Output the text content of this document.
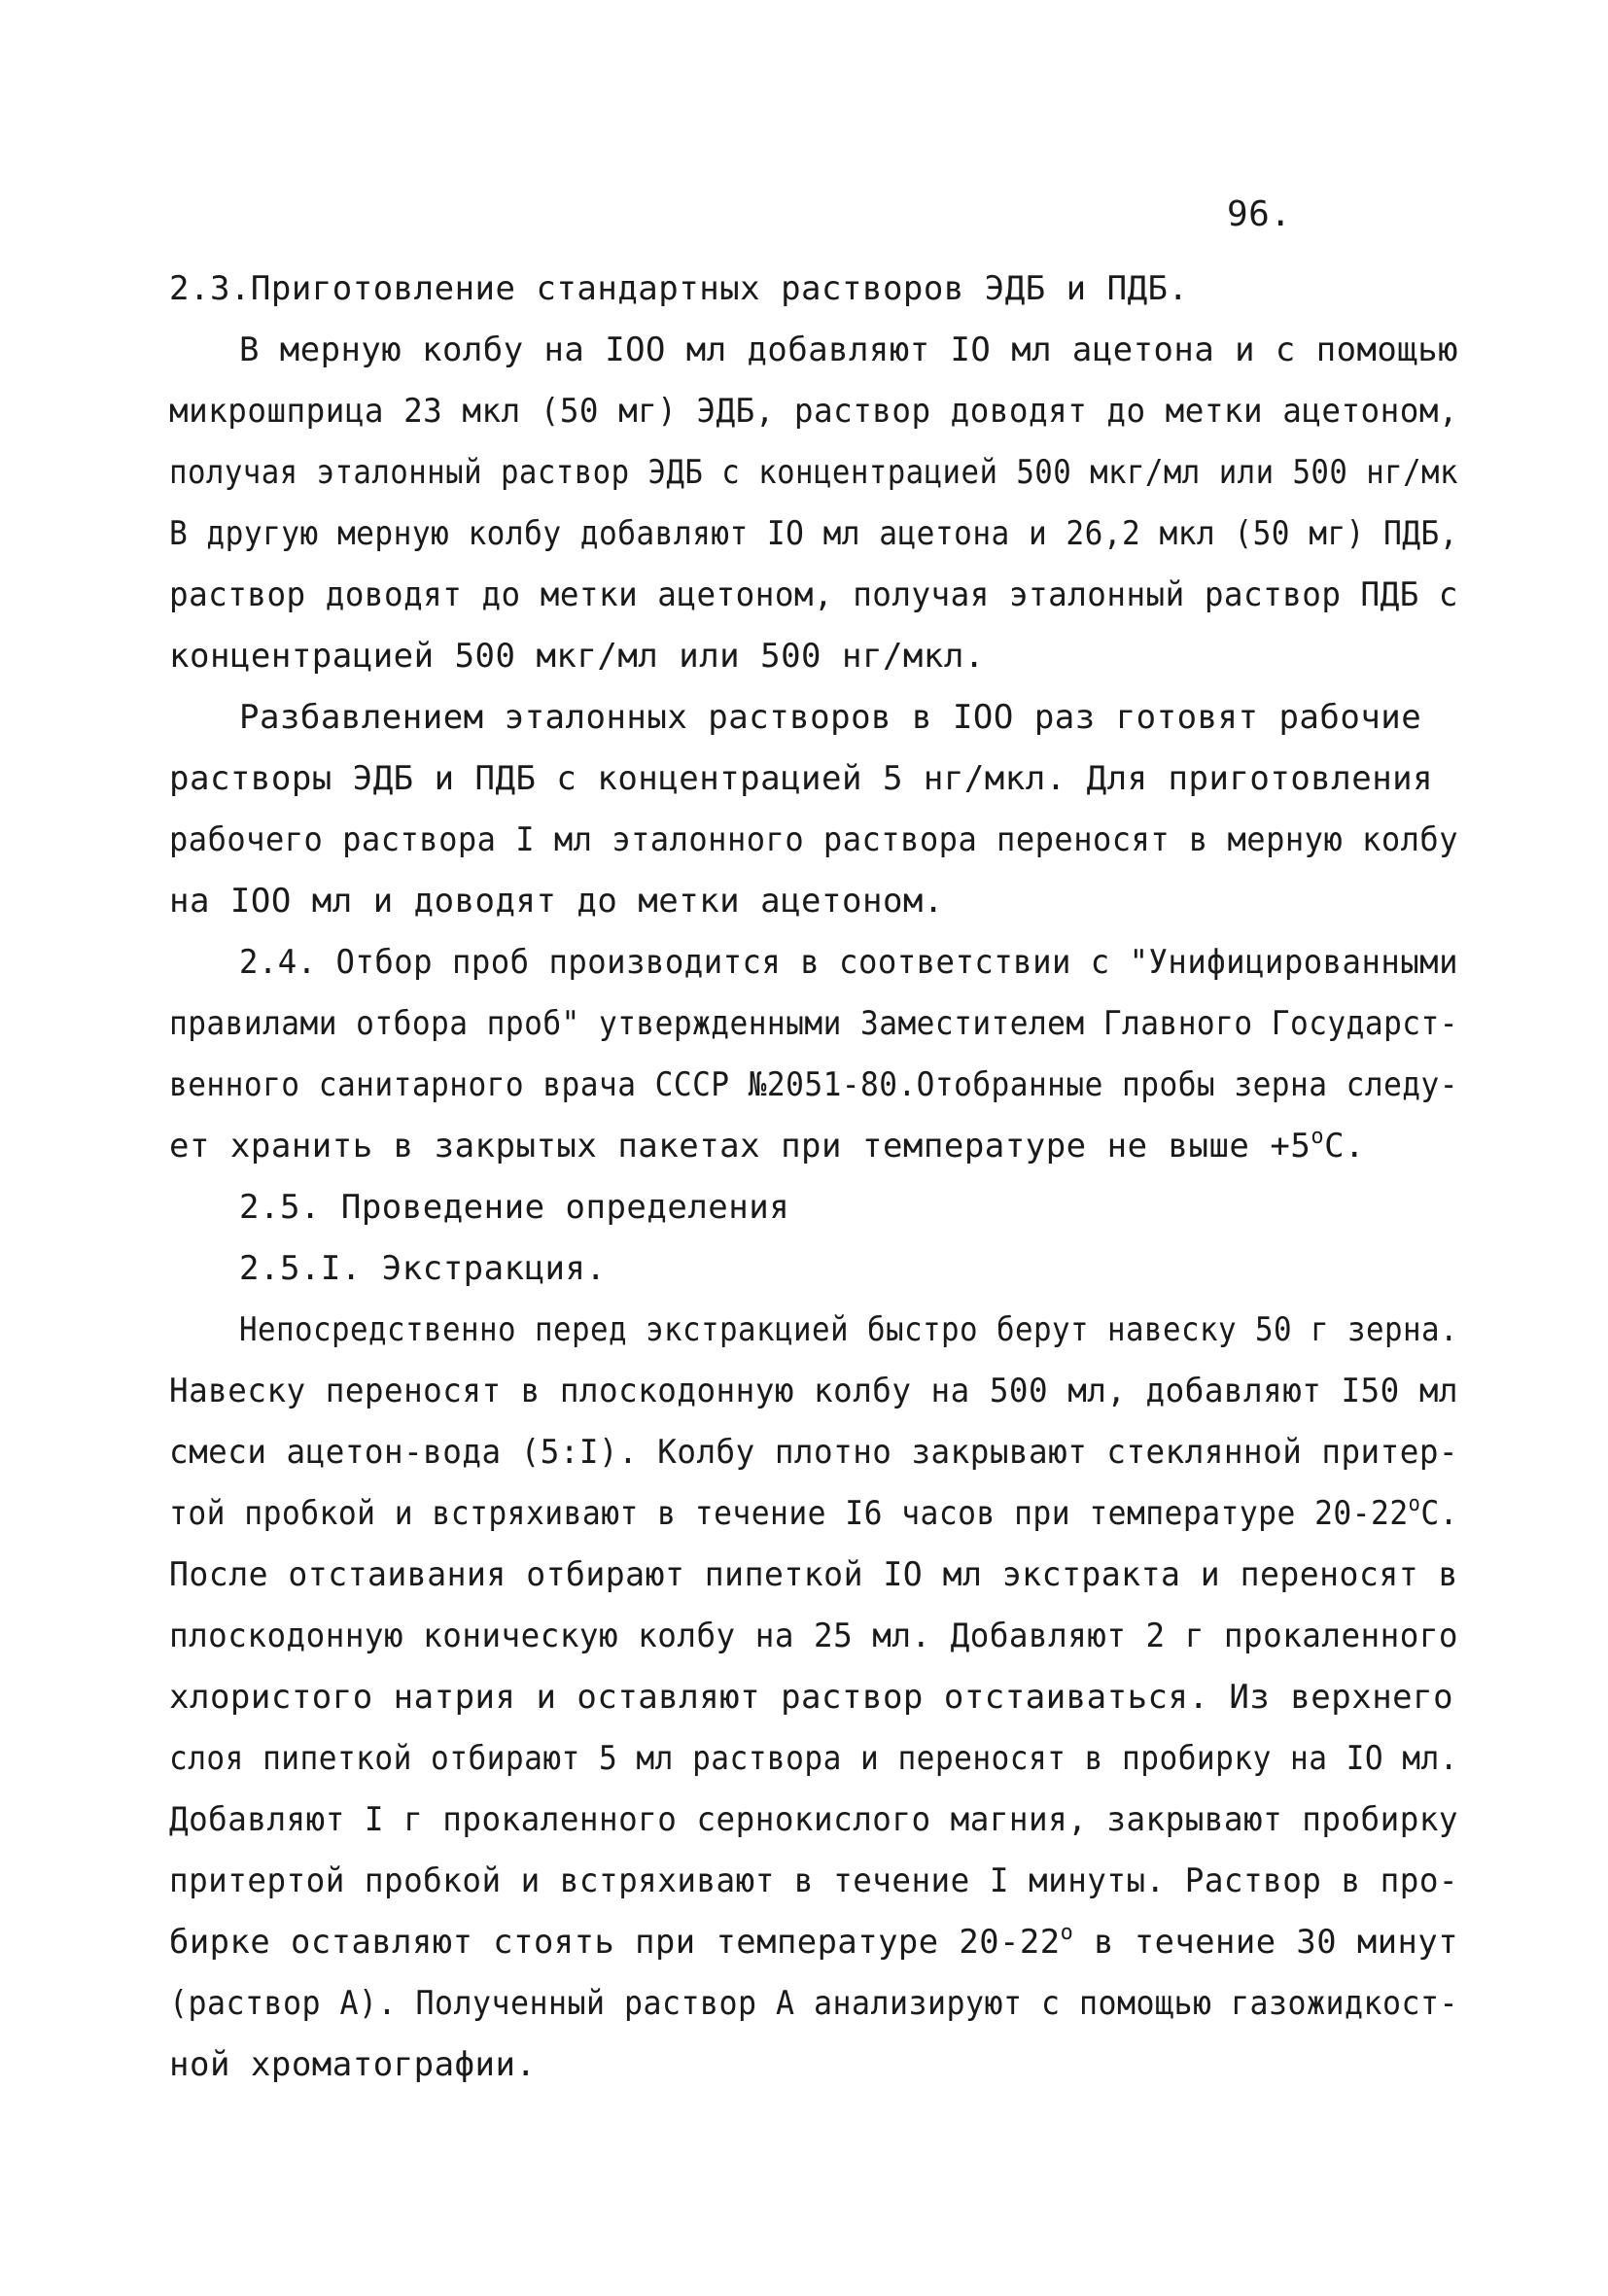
96.
2.3.Приготовление стандартных растворов ЭДБ и ПДБ.
В мерную колбу на IОО мл добавляют IО мл ацетона и с помощью
микрошприца 23 мкл (50 мг) ЭДБ, раствор доводят до метки ацетоном,
получая эталонный раствор ЭДБ с концентрацией 500 мкг/мл или 500 нг/мк
В другую мерную колбу добавляют IО мл ацетона и 26,2 мкл (50 мг) ПДБ,
раствор доводят до метки ацетоном, получая эталонный раствор ПДБ с
концентрацией 500 мкг/мл или 500 нг/мкл.
Разбавлением эталонных растворов в IОО раз готовят рабочие
растворы ЭДБ и ПДБ с концентрацией 5 нг/мкл. Для приготовления
рабочего раствора I мл эталонного раствора переносят в мерную колбу
на IОО мл и доводят до метки ацетоном.
2.4. Отбор проб производится в соответствии с "Унифицированными
правилами отбора проб" утвержденными Заместителем Главного Государст-
венного санитарного врача СССР №2051-80.Отобранные пробы зерна следу-
ет хранить в закрытых пакетах при температуре не выше $+5^оС$.
2.5. Проведение определения
2.5.I. Экстракция.
Непосредственно перед экстракцией быстро берут навеску 50 г зерна.
Навеску переносят в плоскодонную колбу на 500 мл, добавляют I50 мл
смеси ацетон-вода (5:I). Колбу плотно закрывают стеклянной притер-
той пробкой и встряхивают в течение I6 часов при температуре $20-22^оС$.
После отстаивания отбирают пипеткой IО мл экстракта и переносят в
плоскодонную коническую колбу на 25 мл. Добавляют 2 г прокаленного
хлористого натрия и оставляют раствор отстаиваться. Из верхнего
слоя пипеткой отбирают 5 мл раствора и переносят в пробирку на IО мл.
Добавляют I г прокаленного сернокислого магния, закрывают пробирку
притертой пробкой и встряхивают в течение I минуты. Раствор в про-
бирке оставляют стоять при температуре $20-22^о$ в течение 30 минут
(раствор А). Полученный раствор А анализируют с помощью газожидкост-
ной хроматографии.
